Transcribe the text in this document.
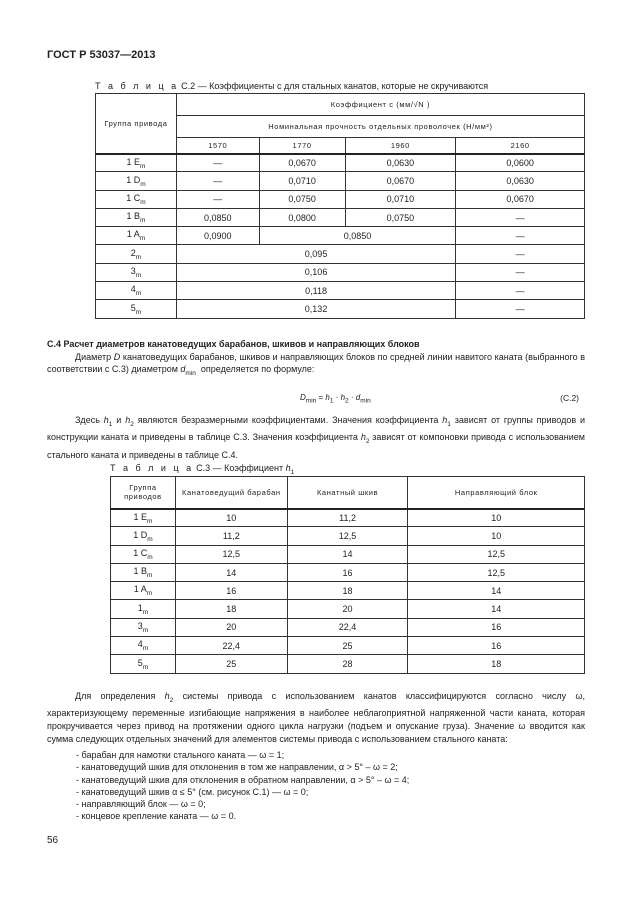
ГОСТ Р 53037—2013
Т а б л и ц а С.2 — Коэффициенты с для стальных канатов, которые не скручиваются
Группа привода	Коэффициент c (мм/√N )			
	Номинальная прочность отдельных проволочек (Н/мм²)			
	1570	1770	1960	2160
1 $E_m$	—	0,0670	0,0630	0,0600
1 $D_m$	—	0,0710	0,0670	0,0630
1 $C_m$	—	0,0750	0,0710	0,0670
1 $B_m$	0,0850	0,0800	0,0750	—
1 $A_m$	0,0900	0,0850		—
$2_m$	0,095			—
$3_m$	0,106			—
$4_m$	0,118			—
$5_m$	0,132			—
С.4 Расчет диаметров канатоведущих барабанов, шкивов и направляющих блоков
Диаметр D канатоведущих барабанов, шкивов и направляющих блоков по средней линии навитого каната (выбранного в соответствии с С.3) диаметром $d_{min}$  определяется по формуле:
$D_{min} = h_1 \cdot h_2 \cdot d_{min}$	(С.2)
Здесь $h_1$ и $h_2$ являются безразмерными коэффициентами. Значения коэффициента $h_1$ зависят от группы приводов и конструкции каната и приведены в таблице С.3. Значения коэффициента $h_2$ зависят от компоновки привода с использованием стального каната и приведены в таблице С.4.
Т а б л и ц а С.3 — Коэффициент $h_1$
Группа приводов	Канатоведущий барабан	Канатный шкив	Направляющий блок
1 $E_m$	10	11,2	10
1 $D_m$	11,2	12,5	10
1 $C_m$	12,5	14	12,5
1 $B_m$	14	16	12,5
1 $A_m$	16	18	14
$1_m$	18	20	14
$3_m$	20	22,4	16
$4_m$	22,4	25	16
$5_m$	25	28	18
Для определения $h_2$ системы привода с использованием канатов классифицируются согласно числу ω, характеризующему переменные изгибающие напряжения в наиболее неблагоприятной напряженной части каната, которая прокручивается через привод на протяжении одного цикла нагрузки (подъем и опускание груза). Значение ω вводится как сумма следующих отдельных значений для элементов системы привода с использованием стального каната:
- барабан для намотки стального каната — ω = 1;
- канатоведущий шкив для отклонения в том же направлении, α > 5° – ω = 2;
- канатоведущий шкив для отклонения в обратном направлении, α > 5° – ω = 4;
- канатоведущий шкив α ≤ 5° (см. рисунок С.1) — ω = 0;
- направляющий блок — ω = 0;
- концевое крепление каната — ω = 0.
56
